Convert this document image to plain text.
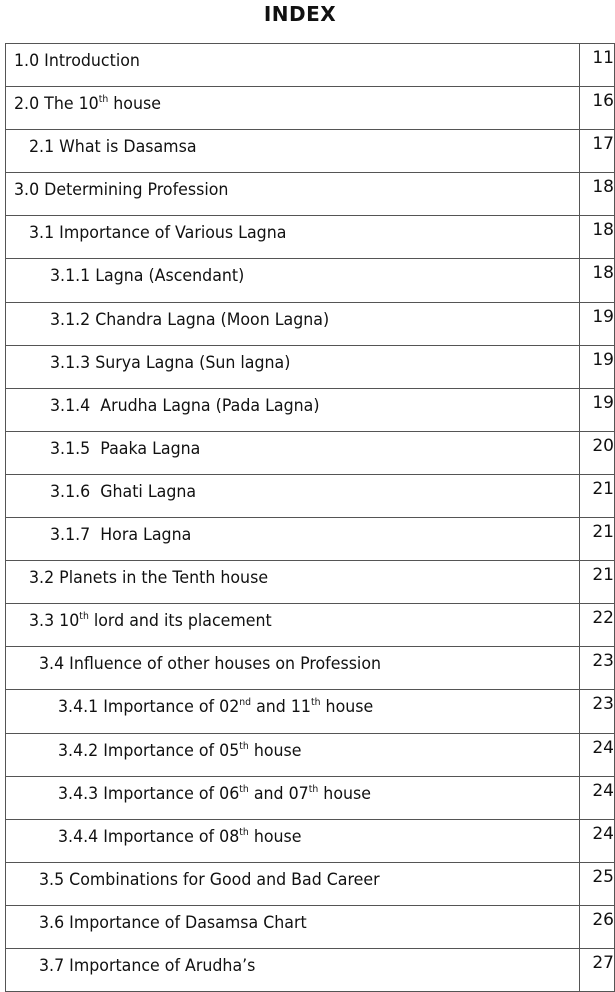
INDEX
1.0 Introduction	11
2.0 The 10th house	16
2.1 What is Dasamsa	17
3.0 Determining Profession	18
3.1 Importance of Various Lagna	18
3.1.1 Lagna (Ascendant)	18
3.1.2 Chandra Lagna (Moon Lagna)	19
3.1.3 Surya Lagna (Sun lagna)	19
3.1.4  Arudha Lagna (Pada Lagna)	19
3.1.5  Paaka Lagna	20
3.1.6  Ghati Lagna	21
3.1.7  Hora Lagna	21
3.2 Planets in the Tenth house	21
3.3 10th lord and its placement	22
3.4 Influence of other houses on Profession	23
3.4.1 Importance of 02nd and 11th house	23
3.4.2 Importance of 05th house	24
3.4.3 Importance of 06th and 07th house	24
3.4.4 Importance of 08th house	24
3.5 Combinations for Good and Bad Career	25
3.6 Importance of Dasamsa Chart	26
3.7 Importance of Arudha’s	27
